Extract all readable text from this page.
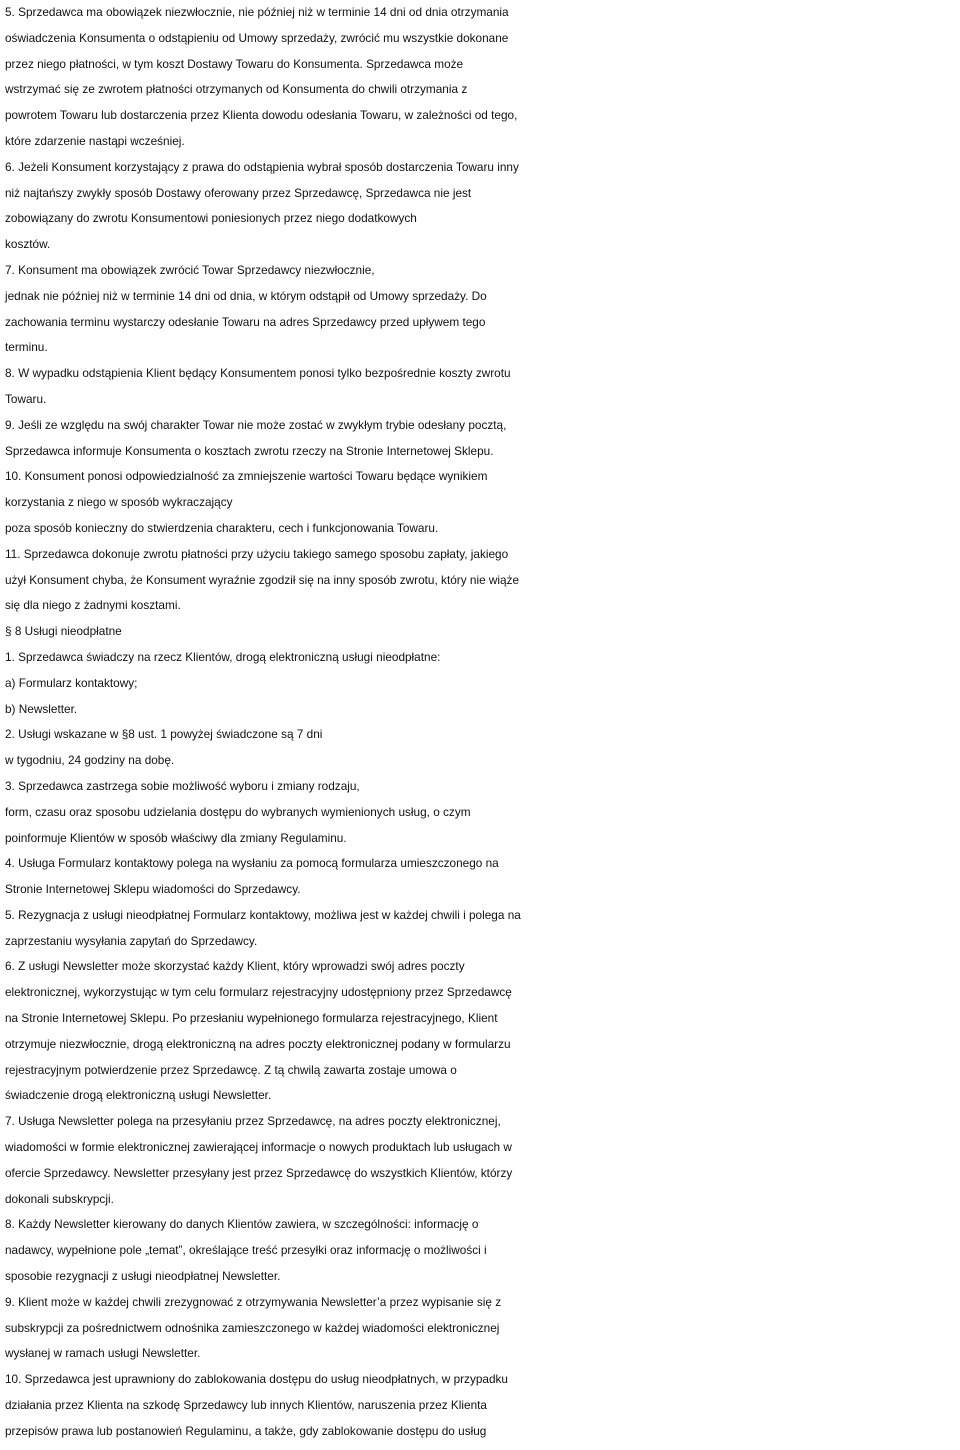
5. Sprzedawca ma obowiązek niezwłocznie, nie później niż w terminie 14 dni od dnia otrzymania
oświadczenia Konsumenta o odstąpieniu od Umowy sprzedaży, zwrócić mu wszystkie dokonane
przez niego płatności, w tym koszt Dostawy Towaru do Konsumenta. Sprzedawca może
wstrzymać się ze zwrotem płatności otrzymanych od Konsumenta do chwili otrzymania z
powrotem Towaru lub dostarczenia przez Klienta dowodu odesłania Towaru, w zależności od tego,
które zdarzenie nastąpi wcześniej.
6. Jeżeli Konsument korzystający z prawa do odstąpienia wybrał sposób dostarczenia Towaru inny
niż najtańszy zwykły sposób Dostawy oferowany przez Sprzedawcę, Sprzedawca nie jest
zobowiązany do zwrotu Konsumentowi poniesionych przez niego dodatkowych
kosztów.
7. Konsument ma obowiązek zwrócić Towar Sprzedawcy niezwłocznie,
jednak nie później niż w terminie 14 dni od dnia, w którym odstąpił od Umowy sprzedaży. Do
zachowania terminu wystarczy odesłanie Towaru na adres Sprzedawcy przed upływem tego
terminu.
8. W wypadku odstąpienia Klient będący Konsumentem ponosi tylko bezpośrednie koszty zwrotu
Towaru.
9. Jeśli ze względu na swój charakter Towar nie może zostać w zwykłym trybie odesłany pocztą,
Sprzedawca informuje Konsumenta o kosztach zwrotu rzeczy na Stronie Internetowej Sklepu.
10. Konsument ponosi odpowiedzialność za zmniejszenie wartości Towaru będące wynikiem
korzystania z niego w sposób wykraczający
poza sposób konieczny do stwierdzenia charakteru, cech i funkcjonowania Towaru.
11. Sprzedawca dokonuje zwrotu płatności przy użyciu takiego samego sposobu zapłaty, jakiego
użył Konsument chyba, że Konsument wyraźnie zgodził się na inny sposób zwrotu, który nie wiąże
się dla niego z żadnymi kosztami.
§ 8 Usługi nieodpłatne
1. Sprzedawca świadczy na rzecz Klientów, drogą elektroniczną usługi nieodpłatne:
a) Formularz kontaktowy;
b) Newsletter.
2. Usługi wskazane w §8 ust. 1 powyżej świadczone są 7 dni
w tygodniu, 24 godziny na dobę.
3. Sprzedawca zastrzega sobie możliwość wyboru i zmiany rodzaju,
form, czasu oraz sposobu udzielania dostępu do wybranych wymienionych usług, o czym
poinformuje Klientów w sposób właściwy dla zmiany Regulaminu.
4. Usługa Formularz kontaktowy polega na wysłaniu za pomocą formularza umieszczonego na
Stronie Internetowej Sklepu wiadomości do Sprzedawcy.
5. Rezygnacja z usługi nieodpłatnej Formularz kontaktowy, możliwa jest w każdej chwili i polega na
zaprzestaniu wysyłania zapytań do Sprzedawcy.
6. Z usługi Newsletter może skorzystać każdy Klient, który wprowadzi swój adres poczty
elektronicznej, wykorzystując w tym celu formularz rejestracyjny udostępniony przez Sprzedawcę
na Stronie Internetowej Sklepu. Po przesłaniu wypełnionego formularza rejestracyjnego, Klient
otrzymuje niezwłocznie, drogą elektroniczną na adres poczty elektronicznej podany w formularzu
rejestracyjnym potwierdzenie przez Sprzedawcę. Z tą chwilą zawarta zostaje umowa o
świadczenie drogą elektroniczną usługi Newsletter.
7. Usługa Newsletter polega na przesyłaniu przez Sprzedawcę, na adres poczty elektronicznej,
wiadomości w formie elektronicznej zawierającej informacje o nowych produktach lub usługach w
ofercie Sprzedawcy. Newsletter przesyłany jest przez Sprzedawcę do wszystkich Klientów, którzy
dokonali subskrypcji.
8. Każdy Newsletter kierowany do danych Klientów zawiera, w szczególności: informację o
nadawcy, wypełnione pole „temat”, określające treść przesyłki oraz informację o możliwości i
sposobie rezygnacji z usługi nieodpłatnej Newsletter.
9. Klient może w każdej chwili zrezygnować z otrzymywania Newsletter’a przez wypisanie się z
subskrypcji za pośrednictwem odnośnika zamieszczonego w każdej wiadomości elektronicznej
wysłanej w ramach usługi Newsletter.
10. Sprzedawca jest uprawniony do zablokowania dostępu do usług nieodpłatnych, w przypadku
działania przez Klienta na szkodę Sprzedawcy lub innych Klientów, naruszenia przez Klienta
przepisów prawa lub postanowień Regulaminu, a także, gdy zablokowanie dostępu do usług
